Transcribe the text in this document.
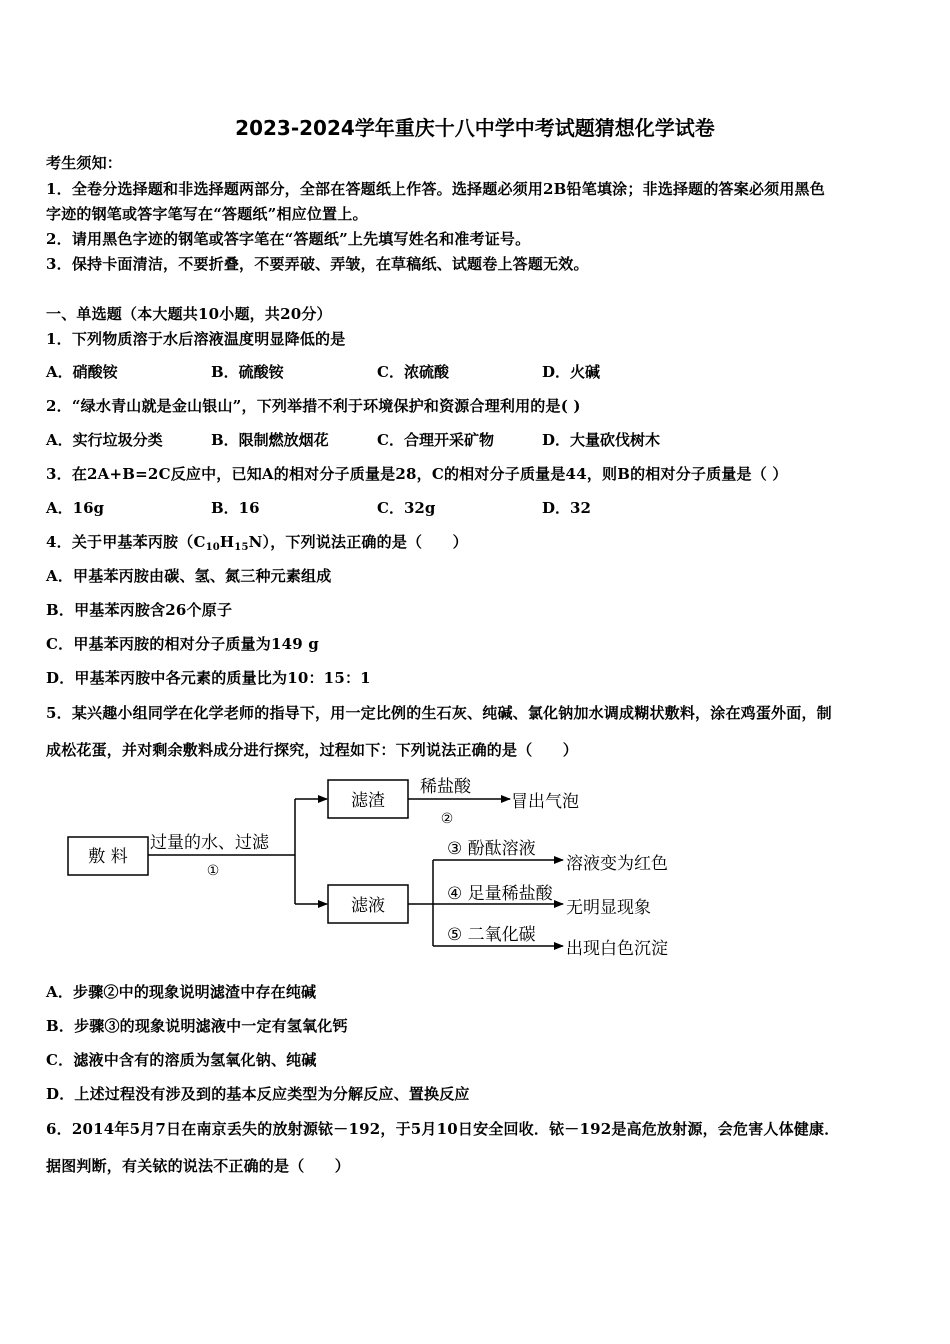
2023-2024学年重庆十八中学中考试题猜想化学试卷
考生须知：
1．全卷分选择题和非选择题两部分，全部在答题纸上作答。选择题必须用2B铅笔填涂；非选择题的答案必须用黑色
字迹的钢笔或答字笔写在“答题纸”相应位置上。
2．请用黑色字迹的钢笔或答字笔在“答题纸”上先填写姓名和准考证号。
3．保持卡面清洁，不要折叠，不要弄破、弄皱，在草稿纸、试题卷上答题无效。
一、单选题（本大题共10小题，共20分）
1．下列物质溶于水后溶液温度明显降低的是
A．硝酸铵	B．硫酸铵	C．浓硫酸	D．火碱
2．“绿水青山就是金山银山”，下列举措不利于环境保护和资源合理利用的是( )
A．实行垃圾分类	B．限制燃放烟花	C．合理开采矿物	D．大量砍伐树木
3．在2A+B=2C反应中，已知A的相对分子质量是28，C的相对分子质量是44，则B的相对分子质量是（ ）
A．16g	B．16	C．32g	D．32
4．关于甲基苯丙胺$(C_{10}H_{15}N)$，下列说法正确的是（　　）
A．甲基苯丙胺由碳、氢、氮三种元素组成
B．甲基苯丙胺含26个原子
C．甲基苯丙胺的相对分子质量为149 g
D．甲基苯丙胺中各元素的质量比为10：15：1
5．某兴趣小组同学在化学老师的指导下，用一定比例的生石灰、纯碱、氯化钠加水调成糊状敷料，涂在鸡蛋外面，制
成松花蛋，并对剩余敷料成分进行探究，过程如下：下列说法正确的是（　　）
敷 料
过量的水、过滤
①
滤渣
稀盐酸
②
冒出气泡
滤液
③ 酚酞溶液
溶液变为红色
④ 足量稀盐酸
无明显现象
⑤ 二氧化碳
出现白色沉淀
A．步骤②中的现象说明滤渣中存在纯碱
B．步骤③的现象说明滤液中一定有氢氧化钙
C．滤液中含有的溶质为氢氧化钠、纯碱
D．上述过程没有涉及到的基本反应类型为分解反应、置换反应
6．2014年5月7日在南京丢失的放射源铱－192，于5月10日安全回收．铱－192是高危放射源，会危害人体健康．
据图判断，有关铱的说法不正确的是（　　）
